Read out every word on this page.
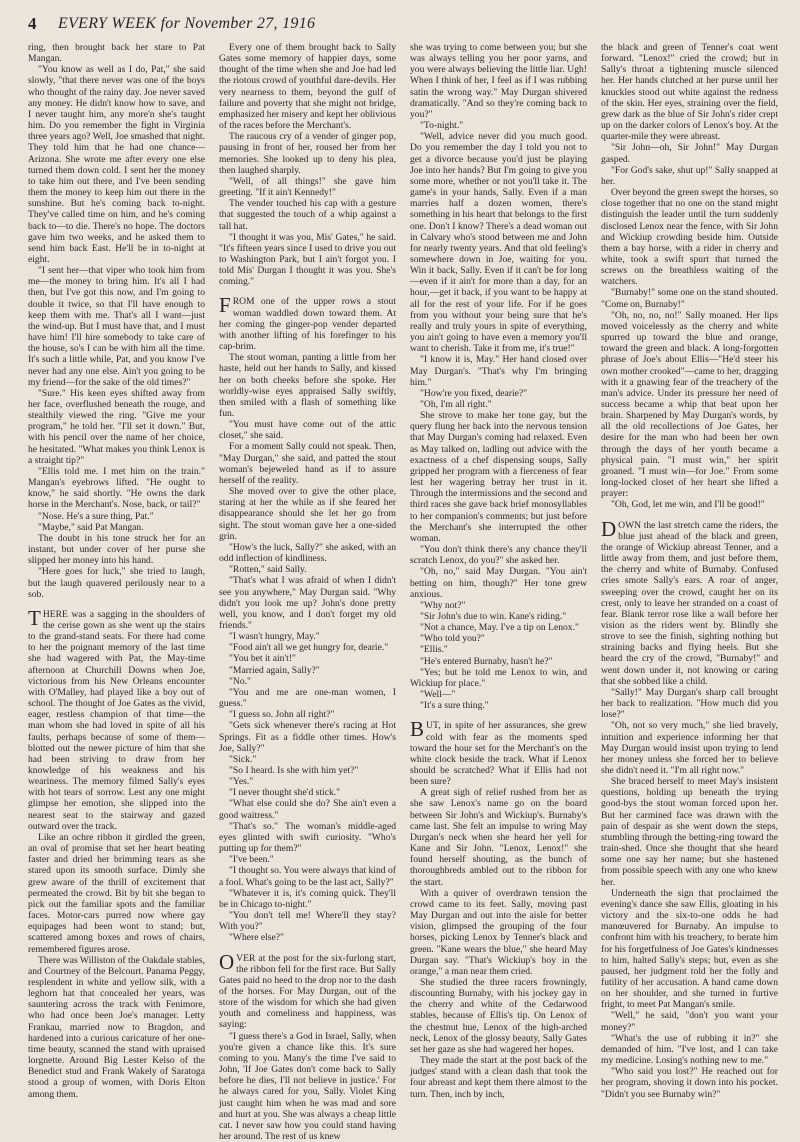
4 EVERY WEEK for November 27, 1916

ring, then brought back her stare to Pat Mangan.

"You know as well as I do, Pat," she said slowly, "that there never was one of the boys who thought of the rainy day. Joe never saved any money. He didn't know how to save, and I never taught him, any more'n she's taught him. Do you remember the fight in Virginia three years ago? Well, Joe smashed that night. They told him that he had one chance—Arizona. She wrote me after every one else turned them down cold. I sent her the money to take him out there, and I've been sending them the money to keep him out there in the sunshine. But he's coming back to-night. They've called time on him, and he's coming back to—to die. There's no hope. The doctors gave him two weeks, and he asked them to send him back East. He'll be in to-night at eight.

"I sent her—that viper who took him from me—the money to bring him. It's all I had then, but I've got this now, and I'm going to double it twice, so that I'll have enough to keep them with me. That's all I want—just the wind-up. But I must have that, and I must have him! I'll hire somebody to take care of the house, so's I can be with him all the time. It's such a little while, Pat, and you know I've never had any one else. Ain't you going to be my friend—for the sake of the old times?"

"Sure." His keen eyes shifted away from her face, overflushed beneath the rouge, and stealthily viewed the ring. "Give me your program," he told her. "I'll set it down." But, with his pencil over the name of her choice, he hesitated. "What makes you think Lenox is a straight tip?"

"Ellis told me. I met him on the train." Mangan's eyebrows lifted. "He ought to know," he said shortly. "He owns the dark horse in the Merchant's. Nose, back, or tail?"

"Nose. He's a sure thing, Pat."

"Maybe," said Pat Mangan.

The doubt in his tone struck her for an instant, but under cover of her purse she slipped her money into his hand.

"Here goes for luck," she tried to laugh, but the laugh quavered perilously near to a sob.

THERE was a sagging in the shoulders of the cerise gown as she went up the stairs to the grand-stand seats. For there had come to her the poignant memory of the last time she had wagered with Pat, the May-time afternoon at Churchill Downs when Joe, victorious from his New Orleans encounter with O'Malley, had played like a boy out of school. The thought of Joe Gates as the vivid, eager, restless champion of that time—the man whom she had loved in spite of all his faults, perhaps because of some of them—blotted out the newer picture of him that she had been striving to draw from her knowledge of his weakness and his weariness. The memory filmed Sally's eyes with hot tears of sorrow. Lest any one might glimpse her emotion, she slipped into the nearest seat to the stairway and gazed outward over the track.

Like an ochre ribbon it girdled the green, an oval of promise that set her heart beating faster and dried her brimming tears as she stared upon its smooth surface. Dimly she grew aware of the thrill of excitement that permeated the crowd. Bit by bit she began to pick out the familiar spots and the familiar faces. Motor-cars purred now where gay equipages had been wont to stand; but, scattered among boxes and rows of chairs, remembered figures arose.

There was Williston of the Oakdale stables, and Courtney of the Belcourt. Panama Peggy, resplendent in white and yellow silk, with a leghorn hat that concealed her years, was sauntering across the track with Fenimore, who had once been Joe's manager. Letty Frankau, married now to Bragdon, and hardened into a curious caricature of her one-time beauty, scanned the stand with upraised lorgnette. Around Big Lester Kelso of the Benedict stud and Frank Wakely of Saratoga stood a group of women, with Doris Elton among them.

Every one of them brought back to Sally Gates some memory of happier days, some thought of the time when she and Joe had led the riotous crowd of youthful dare-devils. Her very nearness to them, beyond the gulf of failure and poverty that she might not bridge, emphasized her misery and kept her oblivious of the races before the Merchant's.

The raucous cry of a vender of ginger pop, pausing in front of her, roused her from her memories. She looked up to deny his plea, then laughed sharply.

"Well, of all things!" she gave him greeting. "If it ain't Kennedy!"

The vender touched his cap with a gesture that suggested the touch of a whip against a tall hat.

"I thought it was you, Mis' Gates," he said. "It's fifteen years since I used to drive you out to Washington Park, but I ain't forgot you. I told Mis' Durgan I thought it was you. She's coming."

FROM one of the upper rows a stout woman waddled down toward them. At her coming the ginger-pop vender departed with another lifting of his forefinger to his cap-brim.

The stout woman, panting a little from her haste, held out her hands to Sally, and kissed her on both cheeks before she spoke. Her worldly-wise eyes appraised Sally swiftly, then smiled with a flash of something like fun.

"You must have come out of the attic closet," she said.

For a moment Sally could not speak. Then, "May Durgan," she said, and patted the stout woman's bejeweled hand as if to assure herself of the reality.

She moved over to give the other place, staring at her the while as if she feared her disappearance should she let her go from sight. The stout woman gave her a one-sided grin.

"How's the luck, Sally?" she asked, with an odd inflection of kindliness.

"Rotten," said Sally.

"That's what I was afraid of when I didn't see you anywhere," May Durgan said. "Why didn't you look me up? John's done pretty well, you know, and I don't forget my old friends."

"I wasn't hungry, May."

"Food ain't all we get hungry for, dearie."

"You bet it ain't!"

"Married again, Sally?"

"No."

"You and me are one-man women, I guess."

"I guess so. John all right?"

"Gets sick whenever there's racing at Hot Springs. Fit as a fiddle other times. How's Joe, Sally?"

"Sick."

"So I heard. Is she with him yet?"

"Yes."

"I never thought she'd stick."

"What else could she do? She ain't even a good waitress."

"That's so." The woman's middle-aged eyes glinted with swift curiosity. "Who's putting up for them?"

"I've been."

"I thought so. You were always that kind of a fool. What's going to be the last act, Sally?"

"Whatever it is, it's coming quick. They'll be in Chicago to-night."

"You don't tell me! Where'll they stay? With you?"

"Where else?"

OVER at the post for the six-furlong start, the ribbon fell for the first race. But Sally Gates paid no heed to the drop nor to the dash of the horses. For May Durgan, out of the store of the wisdom for which she had given youth and comeliness and happiness, was saying:

"I guess there's a God in Israel, Sally, when you're given a chance like this. It's sure coming to you. Many's the time I've said to John, 'If Joe Gates don't come back to Sally before he dies, I'll not believe in justice.' For he always cared for you, Sally. Violet King just caught him when he was mad and sore and hurt at you. She was always a cheap little cat. I never saw how you could stand having her around. The rest of us knew

she was trying to come between you; but she was always telling you her poor yarns, and you were always believing the little liar. Ugh! When I think of her, I feel as if I was rubbing satin the wrong way." May Durgan shivered dramatically. "And so they're coming back to you?"

"To-night."

"Well, advice never did you much good. Do you remember the day I told you not to get a divorce because you'd just be playing Joe into her hands? But I'm going to give you some more, whether or not you'll take it. The game's in your hands, Sally. Even if a man marries half a dozen women, there's something in his heart that belongs to the first one. Don't I know? There's a dead woman out in Calvary who's stood between me and John for nearly twenty years. And that old feeling's somewhere down in Joe, waiting for you. Win it back, Sally. Even if it can't be for long—even if it ain't for more than a day, for an hour,—get it back, if you want to be happy at all for the rest of your life. For if he goes from you without your being sure that he's really and truly yours in spite of everything, you ain't going to have even a memory you'll want to cherish. Take it from me, it's true!"

"I know it is, May." Her hand closed over May Durgan's. "That's why I'm bringing him."

"How're you fixed, dearie?"

"Oh, I'm all right."

She strove to make her tone gay, but the query flung her back into the nervous tension that May Durgan's coming had relaxed. Even as May talked on, ladling out advice with the exactness of a chef dispensing soups, Sally gripped her program with a fierceness of fear lest her wagering betray her trust in it. Through the intermissions and the second and third races she gave back brief monosyllables to her companion's comments; but just before the Merchant's she interrupted the other woman.

"You don't think there's any chance they'll scratch Lenox, do you?" she asked her.

"Oh, no," said May Durgan. "You ain't betting on him, though?" Her tone grew anxious.

"Why not?"

"Sir John's due to win. Kane's riding."

"Not a chance, May. I've a tip on Lenox."

"Who told you?"

"Ellis."

"He's entered Burnaby, hasn't he?"

"Yes; but he told me Lenox to win, and Wickiup for place."

"Well—"

"It's a sure thing."

BUT, in spite of her assurances, she grew cold with fear as the moments sped toward the hour set for the Merchant's on the white clock beside the track. What if Lenox should be scratched? What if Ellis had not been sure?

A great sigh of relief rushed from her as she saw Lenox's name go on the board between Sir John's and Wickiup's. Burnaby's came last. She felt an impulse to wring May Durgan's neck when she heard her yell for Kane and Sir John. "Lenox, Lenox!" she found herself shouting, as the bunch of thoroughbreds ambled out to the ribbon for the start.

With a quiver of overdrawn tension the crowd came to its feet. Sally, moving past May Durgan and out into the aisle for better vision, glimpsed the grouping of the four horses, picking Lenox by Tenner's black and green. "Kane wears the blue," she heard May Durgan say. "That's Wickiup's boy in the orange," a man near them cried.

She studied the three racers frowningly, discounting Burnaby, with his jockey gay in the cherry and white of the Cedarwood stables, because of Ellis's tip. On Lenox of the chestnut hue, Lenox of the high-arched neck, Lenox of the glossy beauty, Sally Gates set her gaze as she had wagered her hopes.

They made the start at the post back of the judges' stand with a clean dash that took the four abreast and kept them there almost to the turn. Then, inch by inch,

the black and green of Tenner's coat went forward. "Lenox!" cried the crowd; but in Sally's throat a tightening muscle silenced her. Her hands clutched at her purse until her knuckles stood out white against the redness of the skin. Her eyes, straining over the field, grew dark as the blue of Sir John's rider crept up on the darker colors of Lenox's boy. At the quarter-mile they were abreast.

"Sir John—oh, Sir John!" May Durgan gasped.

"For God's sake, shut up!" Sally snapped at her.

Over beyond the green swept the horses, so close together that no one on the stand might distinguish the leader until the turn suddenly disclosed Lenox near the fence, with Sir John and Wickiup crowding beside him. Outside them a bay horse, with a rider in cherry and white, took a swift spurt that turned the screws on the breathless waiting of the watchers.

"Burnaby!" some one on the stand shouted. "Come on, Burnaby!"

"Oh, no, no, no!" Sally moaned. Her lips moved voicelessly as the cherry and white spurred up toward the blue and orange, toward the green and black. A long-forgotten phrase of Joe's about Ellis—"He'd steer his own mother crooked"—came to her, dragging with it a gnawing fear of the treachery of the man's advice. Under its pressure her need of success became a whip that beat upon her brain. Sharpened by May Durgan's words, by all the old recollections of Joe Gates, her desire for the man who had been her own through the days of her youth became a physical pain. "I must win," her spirit groaned. "I must win—for Joe." From some long-locked closet of her heart she lifted a prayer:

"Oh, God, let me win, and I'll be good!"

DOWN the last stretch came the riders, the blue just ahead of the black and green, the orange of Wickiup abreast Tenner, and a little away from them, and just before them, the cherry and white of Burnaby. Confused cries smote Sally's ears. A roar of anger, sweeping over the crowd, caught her on its crest, only to leave her stranded on a coast of fear. Blank terror rose like a wall before her vision as the riders went by. Blindly she strove to see the finish, sighting nothing but straining backs and flying heels. But she heard the cry of the crowd, "Burnaby!" and went down under it, not knowing or caring that she sobbed like a child.

"Sally!" May Durgan's sharp call brought her back to realization. "How much did you lose?"

"Oh, not so very much," she lied bravely, intuition and experience informing her that May Durgan would insist upon trying to lend her money unless she forced her to believe she didn't need it. "I'm all right now."

She braced herself to meet May's insistent questions, holding up beneath the trying good-bys the stout woman forced upon her. But her carmined face was drawn with the pain of despair as she went down the steps, stumbling through the betting-ring toward the train-shed. Once she thought that she heard some one say her name; but she hastened from possible speech with any one who knew her.

Underneath the sign that proclaimed the evening's dance she saw Ellis, gloating in his victory and the six-to-one odds he had manœuvered for Burnaby. An impulse to confront him with his treachery, to berate him for his forgetfulness of Joe Gates's kindnesses to him, halted Sally's steps; but, even as she paused, her judgment told her the folly and futility of her accusation. A hand came down on her shoulder, and she turned in furtive fright, to meet Pat Mangan's smile.

"Well," he said, "don't you want your money?"

"What's the use of rubbing it in?" she demanded of him. "I've lost, and I can take my medicine. Losing's nothing new to me."

"Who said you lost?" He reached out for her program, shoving it down into his pocket. "Didn't you see Burnaby win?"
